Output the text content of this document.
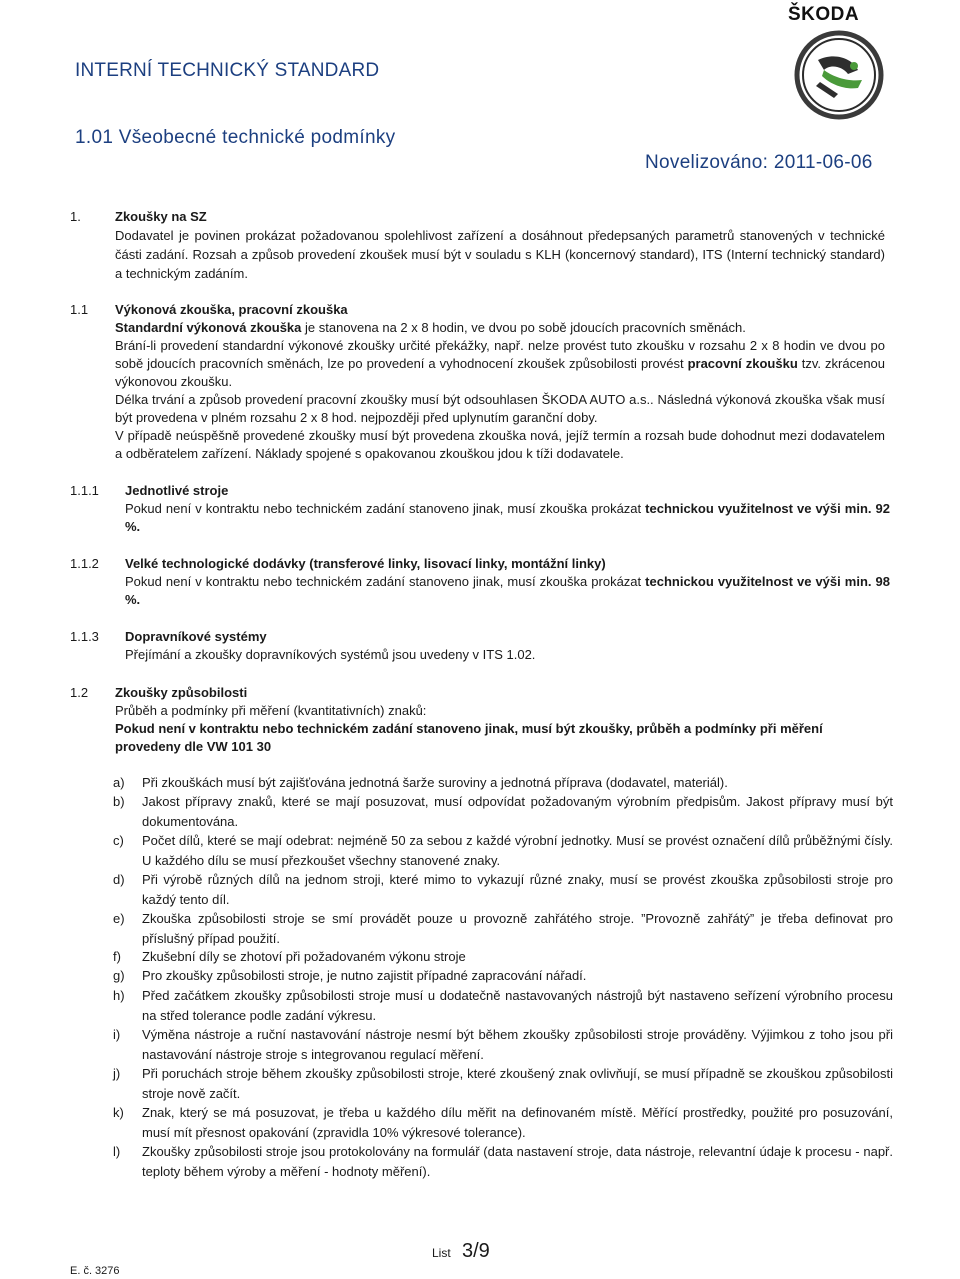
ŠKODA
INTERNÍ TECHNICKÝ STANDARD
1.01 Všeobecné technické podmínky
Novelizováno: 2011-06-06
1.	Zkoušky na SZ
Dodavatel je povinen prokázat požadovanou spolehlivost zařízení a dosáhnout předepsaných parametrů stanovených v technické části zadání. Rozsah a způsob provedení zkoušek musí být v souladu s KLH (koncernový standard), ITS (Interní technický standard) a technickým zadáním.
1.1 Výkonová zkouška, pracovní zkouška

Standardní výkonová zkouška je stanovena na 2 x 8 hodin, ve dvou po sobě jdoucích pracovních směnách.

Brání-li provedení standardní výkonové zkoušky určité překážky, např. nelze provést tuto zkoušku v rozsahu 2 x 8 hodin ve dvou po sobě jdoucích pracovních směnách, lze po provedení a vyhodnocení zkoušek způsobilosti provést pracovní zkoušku tzv. zkrácenou výkonovou zkoušku.

Délka trvání a způsob provedení pracovní zkoušky musí být odsouhlasen ŠKODA AUTO a.s.. Následná výkonová zkouška však musí být provedena v plném rozsahu 2 x 8 hod. nejpozději před uplynutím garanční doby.

V případě neúspěšně provedené zkoušky musí být provedena zkouška nová, jejíž termín a rozsah bude dohodnut mezi dodavatelem a odběratelem zařízení. Náklady spojené s opakovanou zkouškou jdou k tíži dodavatele.

1.1.1 Jednotlivé stroje
Pokud není v kontraktu nebo technickém zadání stanoveno jinak, musí zkouška prokázat technickou využitelnost ve výši min. 92 %.
1.1.2 Velké technologické dodávky (transferové linky, lisovací linky, montážní linky)
Pokud není v kontraktu nebo technickém zadání stanoveno jinak, musí zkouška prokázat technickou využitelnost ve výši min. 98 %.
1.1.3 Dopravníkové systémy
Přejímání a zkoušky dopravníkových systémů jsou uvedeny v ITS 1.02.
1.2 Zkoušky způsobilosti
Průběh a podmínky při měření (kvantitativních) znaků:
Pokud není v kontraktu nebo technickém zadání stanoveno jinak, musí být zkoušky, průběh a podmínky při měření provedeny dle VW 101 30
a) Při zkouškách musí být zajišťována jednotná šarže suroviny a jednotná příprava (dodavatel, materiál).
b) Jakost přípravy znaků, které se mají posuzovat, musí odpovídat požadovaným výrobním předpisům. Jakost přípravy musí být dokumentována.
c) Počet dílů, které se mají odebrat: nejméně 50 za sebou z každé výrobní jednotky. Musí se provést označení dílů průběžnými čísly. U každého dílu se musí přezkoušet všechny stanovené znaky.
d) Při výrobě různých dílů na jednom stroji, které mimo to vykazují různé znaky, musí se provést zkouška způsobilosti stroje pro každý tento díl.
e) Zkouška způsobilosti stroje se smí provádět pouze u provozně zahřátého stroje. ”Provozně zahřátý” je třeba definovat pro příslušný případ použití.
f) Zkušební díly se zhotoví při požadovaném výkonu stroje
g) Pro zkoušky způsobilosti stroje, je nutno zajistit případné zapracování nářadí.
h) Před začátkem zkoušky způsobilosti stroje musí u dodatečně nastavovaných nástrojů být nastaveno seřízení výrobního procesu na střed tolerance podle zadání výkresu.
i) Výměna nástroje a ruční nastavování nástroje nesmí být během zkoušky způsobilosti stroje prováděny. Výjimkou z toho jsou při nastavování nástroje stroje s integrovanou regulací měření.
j) Při poruchách stroje během zkoušky způsobilosti stroje, které zkoušený znak ovlivňují, se musí případně se zkouškou způsobilosti stroje nově začít.
k) Znak, který se má posuzovat, je třeba u každého dílu měřit na definovaném místě. Měřící prostředky, použité pro posuzování, musí mít přesnost opakování (zpravidla 10% výkresové tolerance).
l) Zkoušky způsobilosti stroje jsou protokolovány na formulář (data nastavení stroje, data nástroje, relevantní údaje k procesu - např. teploty během výroby a měření - hodnoty měření).
List 3/9
E. č. 3276
